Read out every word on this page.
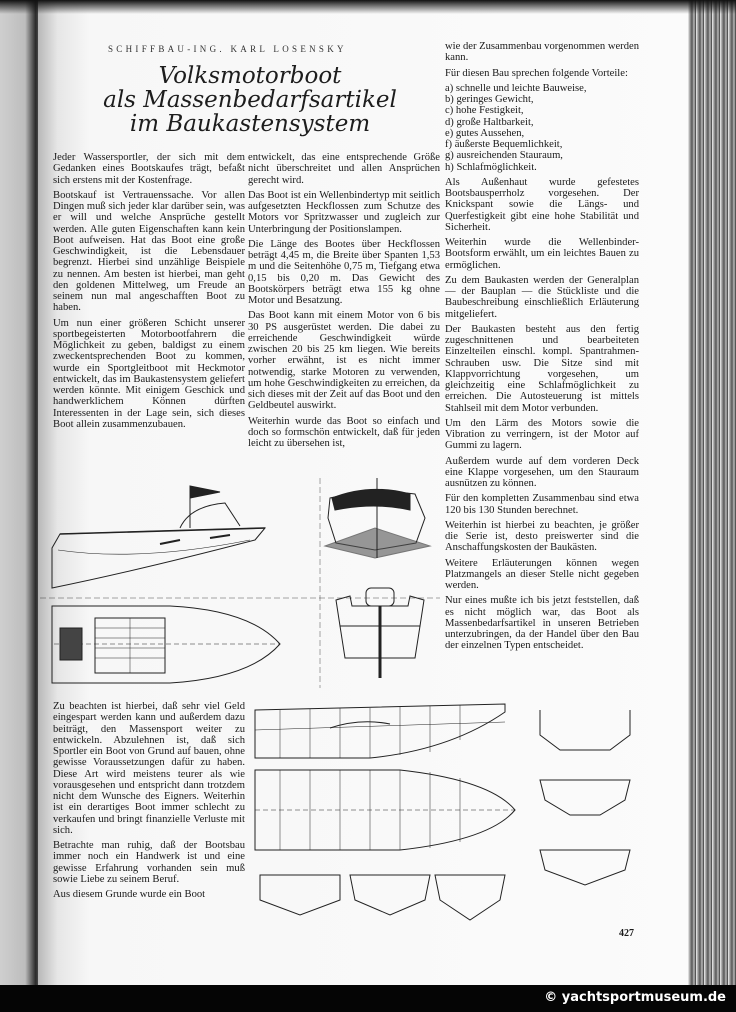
SCHIFFBAU-ING. KARL LOSENSKY
Volksmotorboot
als Massenbedarfsartikel
im Baukastensystem

Jeder Wassersportler, der sich mit dem Gedanken eines Bootskaufes trägt, befaßt sich erstens mit der Kostenfrage.

Bootskauf ist Vertrauenssache. Vor allen Dingen muß sich jeder klar darüber sein, was er will und welche Ansprüche gestellt werden. Alle guten Eigenschaften kann kein Boot aufweisen. Hat das Boot eine große Geschwindigkeit, ist die Lebensdauer begrenzt. Hierbei sind unzählige Beispiele zu nennen. Am besten ist hierbei, man geht den goldenen Mittelweg, um Freude an seinem nun mal angeschafften Boot zu haben.

Um nun einer größeren Schicht unserer sportbegeisterten Motorbootfahrern die Möglichkeit zu geben, baldigst zu einem zweckentsprechenden Boot zu kommen, wurde ein Sportgleitboot mit Heckmotor entwickelt, das im Baukastensystem geliefert werden könnte. Mit einigem Geschick und handwerklichem Können dürften Interessenten in der Lage sein, sich dieses Boot allein zusammenzubauen.

entwickelt, das eine entsprechende Größe nicht überschreitet und allen Ansprüchen gerecht wird.

Das Boot ist ein Wellenbindertyp mit seitlich aufgesetzten Heckflossen zum Schutze des Motors vor Spritzwasser und zugleich zur Unterbringung der Positionslampen.

Die Länge des Bootes über Heckflossen beträgt 4,45 m, die Breite über Spanten 1,53 m und die Seitenhöhe 0,75 m, Tiefgang etwa 0,15 bis 0,20 m. Das Gewicht des Bootskörpers beträgt etwa 155 kg ohne Motor und Besatzung.

Das Boot kann mit einem Motor von 6 bis 30 PS ausgerüstet werden. Die dabei zu erreichende Geschwindigkeit würde zwischen 20 bis 25 km liegen. Wie bereits vorher erwähnt, ist es nicht immer notwendig, starke Motoren zu verwenden, um hohe Geschwindigkeiten zu erreichen, da sich dieses mit der Zeit auf das Boot und den Geldbeutel auswirkt.

Weiterhin wurde das Boot so einfach und doch so formschön entwickelt, daß für jeden leicht zu übersehen ist,

wie der Zusammenbau vorgenommen werden kann.

Für diesen Bau sprechen folgende Vorteile:

a) schnelle und leichte Bauweise,
b) geringes Gewicht,
c) hohe Festigkeit,
d) große Haltbarkeit,
e) gutes Aussehen,
f) äußerste Bequemlichkeit,
g) ausreichenden Stauraum,
h) Schlafmöglichkeit.

Als Außenhaut wurde gefestetes Bootsbausperrholz vorgesehen. Der Knickspant sowie die Längs- und Querfestigkeit gibt eine hohe Stabilität und Sicherheit.

Weiterhin wurde die Wellenbinder-Bootsform erwählt, um ein leichtes Bauen zu ermöglichen.

Zu dem Baukasten werden der Generalplan — der Bauplan — die Stückliste und die Baubeschreibung einschließlich Erläuterung mitgeliefert.

Der Baukasten besteht aus den fertig zugeschnittenen und bearbeiteten Einzelteilen einschl. kompl. Spantrahmen-Schrauben usw. Die Sitze sind mit Klappvorrichtung vorgesehen, um gleichzeitig eine Schlafmöglichkeit zu erreichen. Die Autosteuerung ist mittels Stahlseil mit dem Motor verbunden.

Um den Lärm des Motors sowie die Vibration zu verringern, ist der Motor auf Gummi zu lagern.

Außerdem wurde auf dem vorderen Deck eine Klappe vorgesehen, um den Stauraum ausnützen zu können.

Für den kompletten Zusammenbau sind etwa 120 bis 130 Stunden berechnet.

Weiterhin ist hierbei zu beachten, je größer die Serie ist, desto preiswerter sind die Anschaffungskosten der Baukästen.

Weitere Erläuterungen können wegen Platzmangels an dieser Stelle nicht gegeben werden.

Nur eines mußte ich bis jetzt feststellen, daß es nicht möglich war, das Boot als Massenbedarfsartikel in unseren Betrieben unterzubringen, da der Handel über den Bau der einzelnen Typen entscheidet.

Zu beachten ist hierbei, daß sehr viel Geld eingespart werden kann und außerdem dazu beiträgt, den Massensport weiter zu entwickeln. Abzulehnen ist, daß sich Sportler ein Boot von Grund auf bauen, ohne gewisse Voraussetzungen dafür zu haben. Diese Art wird meistens teurer als wie vorausgesehen und entspricht dann trotzdem nicht dem Wunsche des Eigners. Weiterhin ist ein derartiges Boot immer schlecht zu verkaufen und bringt finanzielle Verluste mit sich.

Betrachte man ruhig, daß der Bootsbau immer noch ein Handwerk ist und eine gewisse Erfahrung vorhanden sein muß sowie Liebe zu seinem Beruf.

Aus diesem Grunde wurde ein Boot

427
© yachtsportmuseum.de
